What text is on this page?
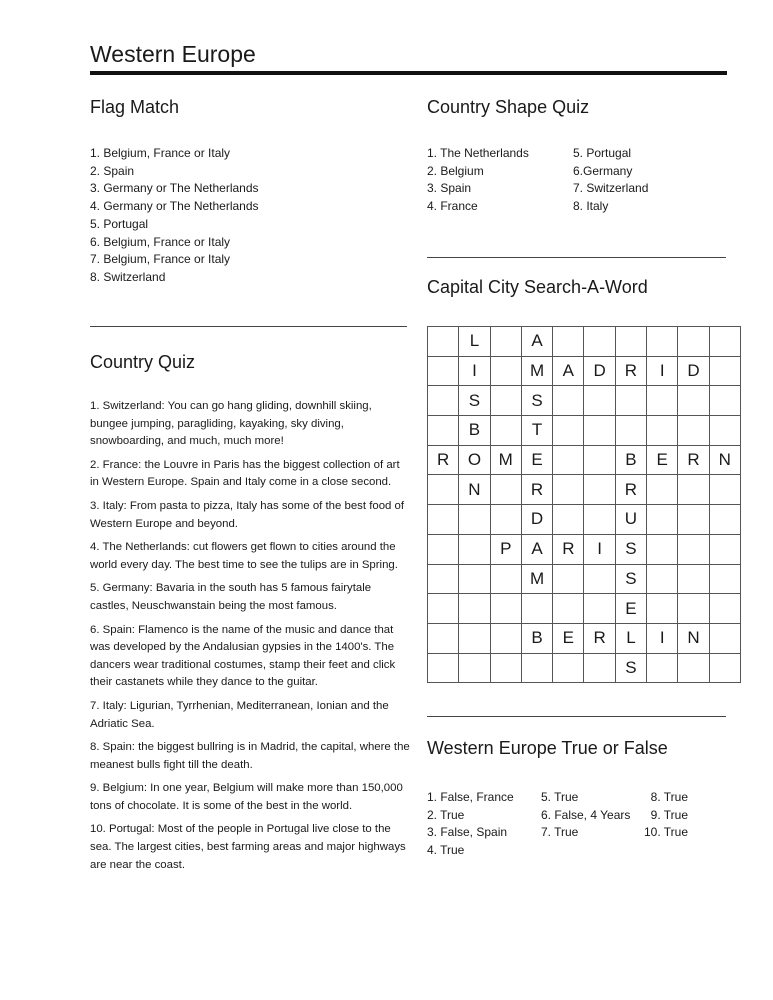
Western Europe
Flag Match
1. Belgium, France or Italy
2. Spain
3. Germany or The Netherlands
4. Germany or The Netherlands
5. Portugal
6. Belgium, France or Italy
7. Belgium, France or Italy
8. Switzerland
Country Shape Quiz
1. The Netherlands
2. Belgium
3. Spain
4. France
5. Portugal
6.Germany
7. Switzerland
8. Italy
Capital City Search-A-Word
	L		A						
	I		M	A	D	R	I	D	
	S		S						
	B		T						
R	O	M	E			B	E	R	N
	N		R			R			
			D			U			
		P	A	R	I	S			
			M			S			
						E			
			B	E	R	L	I	N	
						S			
Country Quiz

1. Switzerland: You can go hang gliding, downhill skiing, bungee jumping, paragliding, kayaking, sky diving, snowboarding, and much, much more!

2. France: the Louvre in Paris has the biggest collection of art in Western Europe. Spain and Italy come in a close second.

3. Italy: From pasta to pizza, Italy has some of the best food of Western Europe and beyond.

4. The Netherlands: cut flowers get flown to cities around the world every day. The best time to see the tulips are in Spring.

5. Germany: Bavaria in the south has 5 famous fairytale castles, Neuschwanstain being the most famous.

6. Spain: Flamenco is the name of the music and dance that was developed by the Andalusian gypsies in the 1400's. The dancers wear traditional costumes, stamp their feet and click their castanets while they dance to the guitar.

7. Italy: Ligurian, Tyrrhenian, Mediterranean, Ionian and the Adriatic Sea.

8. Spain: the biggest bullring is in Madrid, the capital, where the meanest bulls fight till the death.

9. Belgium: In one year, Belgium will make more than 150,000 tons of chocolate. It is some of the best in the world.

10. Portugal: Most of the people in Portugal live close to the sea. The largest cities, best farming areas and major highways are near the coast.

Western Europe True or False
1. False, France
2. True
3. False, Spain
4. True
5. True
6. False, 4 Years
7. True
8. True
9. True
10. True
